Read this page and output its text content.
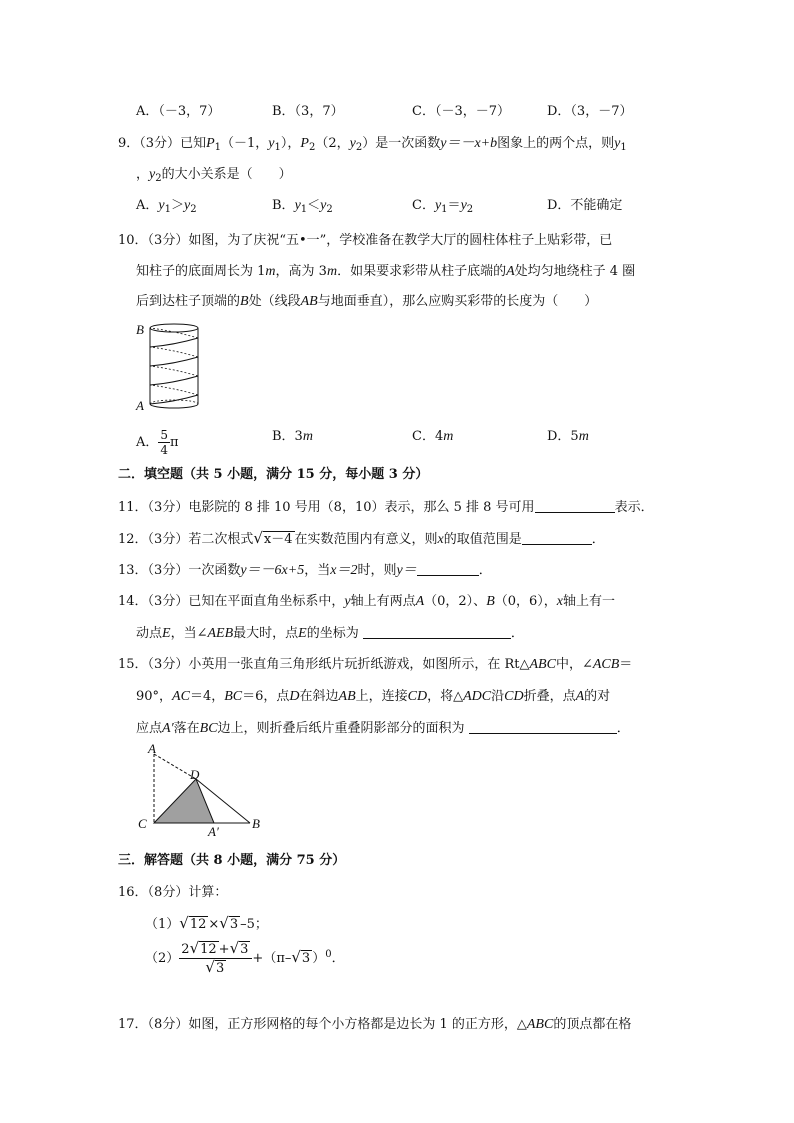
A．（－3，7）	B．（3，7）	C．（－3，－7）	D．（3，－7）
9．（3分）已知$P_1(-1$，$y_1$），$P_2(2$，$y_2$）是一次函数y＝－x+b图象上的两个点，则$y_1$
，$y_2$的大小关系是（　　）
A．$y_1>y_2$	B．$y_1<y_2$	C．$y_1=y_2$	D．不能确定
10．（3分）如图，为了庆祝“五•一”，学校准备在教学大厅的圆柱体柱子上贴彩带，已
知柱子的底面周长为 1m，高为 3m．如果要求彩带从柱子底端的A处均匀地绕柱子 4 圈
后到达柱子顶端的B处（线段AB与地面垂直），那么应购买彩带的长度为（　　）
B
A
A． $\frac{5}{4}$ π	B．3m	C．4m	D．5m
二．填空题（共 5 小题，满分 15 分，每小题 3 分）
11．（3分）电影院的 8 排 10 号用（8，10）表示，那么 5 排 8 号可用	表示．
12．（3分）若二次根式√x－4 在实数范围内有意义，则x的取值范围是	．
13．（3分）一次函数y＝－6x+5，当x＝2时，则y＝	．
14．（3分）已知在平面直角坐标系中，y轴上有两点A（0，2）、B（0，6），x轴上有一
动点E，当∠AEB最大时，点E的坐标为	．
15．（3分）小英用一张直角三角形纸片玩折纸游戏，如图所示，在 Rt△ABC中，∠ACB＝
90°，AC＝4，BC＝6，点D在斜边AB上，连接CD，将△ADC沿CD折叠，点A的对
应点A′落在BC边上，则折叠后纸片重叠阴影部分的面积为	．
A
D
C
A′
B
三．解答题（共 8 小题，满分 75 分）
16．（8分）计算：
（1）√12 ×√3 –5；
$(2) \frac{2√12 +√3}{√3} +(\pi-√3$ ）$^0$．
17．（8分）如图，正方形网格的每个小方格都是边长为 1 的正方形，△ABC的顶点都在格
